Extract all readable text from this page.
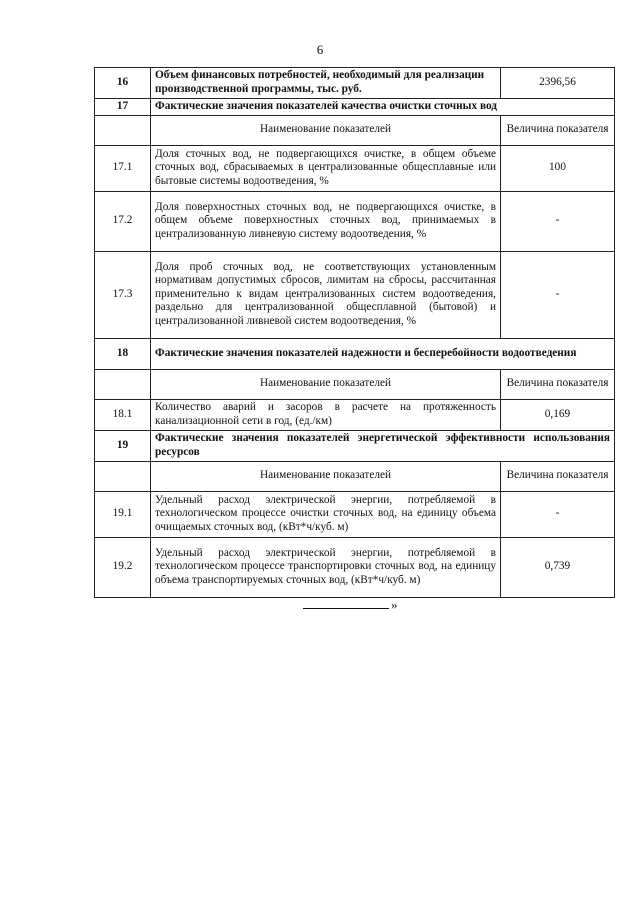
6
16	Объем финансовых потребностей, необходимый для реализации производственной программы, тыс. руб.	2396,56
17	Фактические значения показателей качества очистки сточных вод	
	Наименование показателей	Величина показателя
17.1	Доля сточных вод, не подвергающихся очистке, в общем объеме сточных вод, сбрасываемых в централизованные общесплавные или бытовые системы водоотведения, %	100
17.2	Доля поверхностных сточных вод, не подвергающихся очистке, в общем объеме поверхностных сточных вод, принимаемых в централизованную ливневую систему водоотведения, %	-
17.3	Доля проб сточных вод, не соответствующих установленным нормативам допустимых сбросов, лимитам на сбросы, рассчитанная применительно к видам централизованных систем водоотведения, раздельно для централизованной общесплавной (бытовой) и централизованной ливневой систем водоотведения, %	-
18	Фактические значения показателей надежности и бесперебойности водоотведения	
	Наименование показателей	Величина показателя
18.1	Количество аварий и засоров в расчете на протяженность канализационной сети в год, (ед./км)	0,169
19	Фактические значения показателей энергетической эффективности использования ресурсов	
	Наименование показателей	Величина показателя
19.1	Удельный расход электрической энергии, потребляемой в технологическом процессе очистки сточных вод, на единицу объема очищаемых сточных вод, (кВт*ч/куб. м)	-
19.2	Удельный расход электрической энергии, потребляемой в технологическом процессе транспортировки сточных вод, на единицу объема транспортируемых сточных вод, (кВт*ч/куб. м)	0,739
»
